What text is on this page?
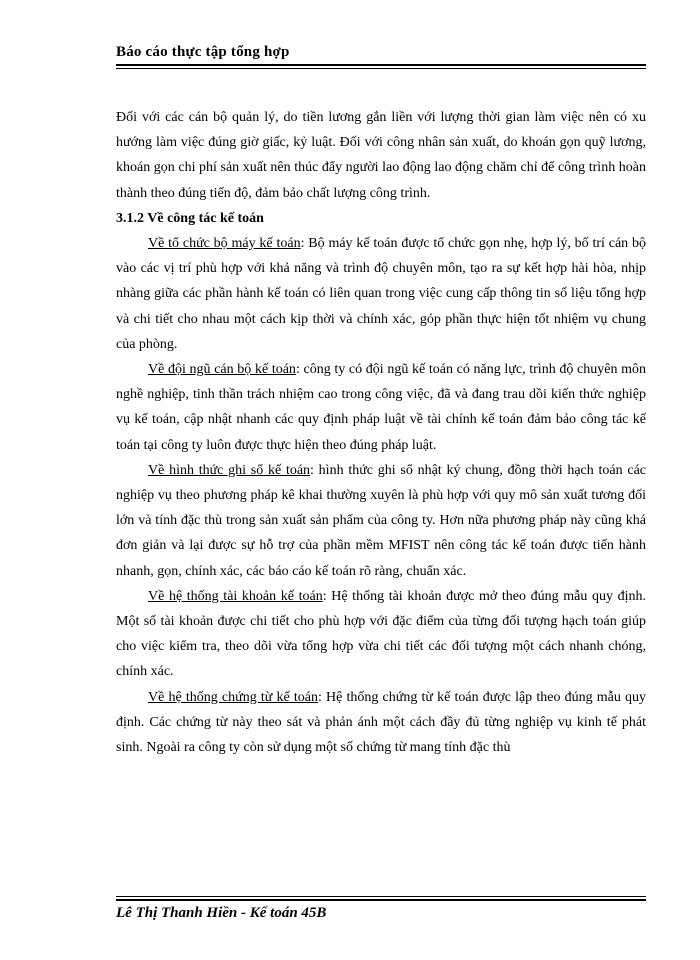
Báo cáo thực tập tổng hợp

Đối với các cán bộ quản lý, do tiền lương gắn liền với lượng thời gian làm việc nên có xu hướng làm việc đúng giờ giấc, kỷ luật. Đối với công nhân sản xuất, do khoán gọn quỹ lương, khoán gọn chi phí sản xuất nên thúc đẩy người lao động lao động chăm chỉ để công trình hoàn thành theo đúng tiến độ, đảm bảo chất lượng công trình.

3.1.2 Về công tác kế toán

Về tổ chức bộ máy kế toán: Bộ máy kế toán được tổ chức gọn nhẹ, hợp lý, bố trí cán bộ vào các vị trí phù hợp với khả năng và trình độ chuyên môn, tạo ra sự kết hợp hài hòa, nhịp nhàng giữa các phần hành kế toán có liên quan trong việc cung cấp thông tin số liệu tổng hợp và chi tiết cho nhau một cách kịp thời và chính xác, góp phần thực hiện tốt nhiệm vụ chung của phòng.

Về đội ngũ cán bộ kế toán: công ty có đội ngũ kế toán có năng lực, trình độ chuyên môn nghề nghiệp, tinh thần trách nhiệm cao trong công việc, đã và đang trau dồi kiến thức nghiệp vụ kế toán, cập nhật nhanh các quy định pháp luật về tài chính kế toán đảm bảo công tác kế toán tại công ty luôn được thực hiện theo đúng pháp luật.

Về hình thức ghi sổ kế toán: hình thức ghi sổ nhật ký chung, đồng thời hạch toán các nghiệp vụ theo phương pháp kê khai thường xuyên là phù hợp với quy mô sản xuất tương đối lớn và tính đặc thù trong sản xuất sản phẩm của công ty. Hơn nữa phương pháp này cũng khá đơn giản và lại được sự hỗ trợ của phần mềm MFIST nên công tác kế toán được tiến hành nhanh, gọn, chính xác, các báo cáo kế toán rõ ràng, chuẩn xác.

Về hệ thống tài khoản kế toán: Hệ thống tài khoản được mở theo đúng mẫu quy định. Một số tài khoản được chi tiết cho phù hợp với đặc điểm của từng đối tượng hạch toán giúp cho việc kiểm tra, theo dõi vừa tổng hợp vừa chi tiết các đối tượng một cách nhanh chóng, chính xác.

Về hệ thống chứng từ kế toán: Hệ thống chứng từ kế toán được lập theo đúng mẫu quy định. Các chứng từ này theo sát và phản ánh một cách đầy đủ từng nghiệp vụ kinh tế phát sinh. Ngoài ra công ty còn sử dụng một số chứng từ mang tính đặc thù

Lê Thị Thanh Hiền - Kế toán 45B
